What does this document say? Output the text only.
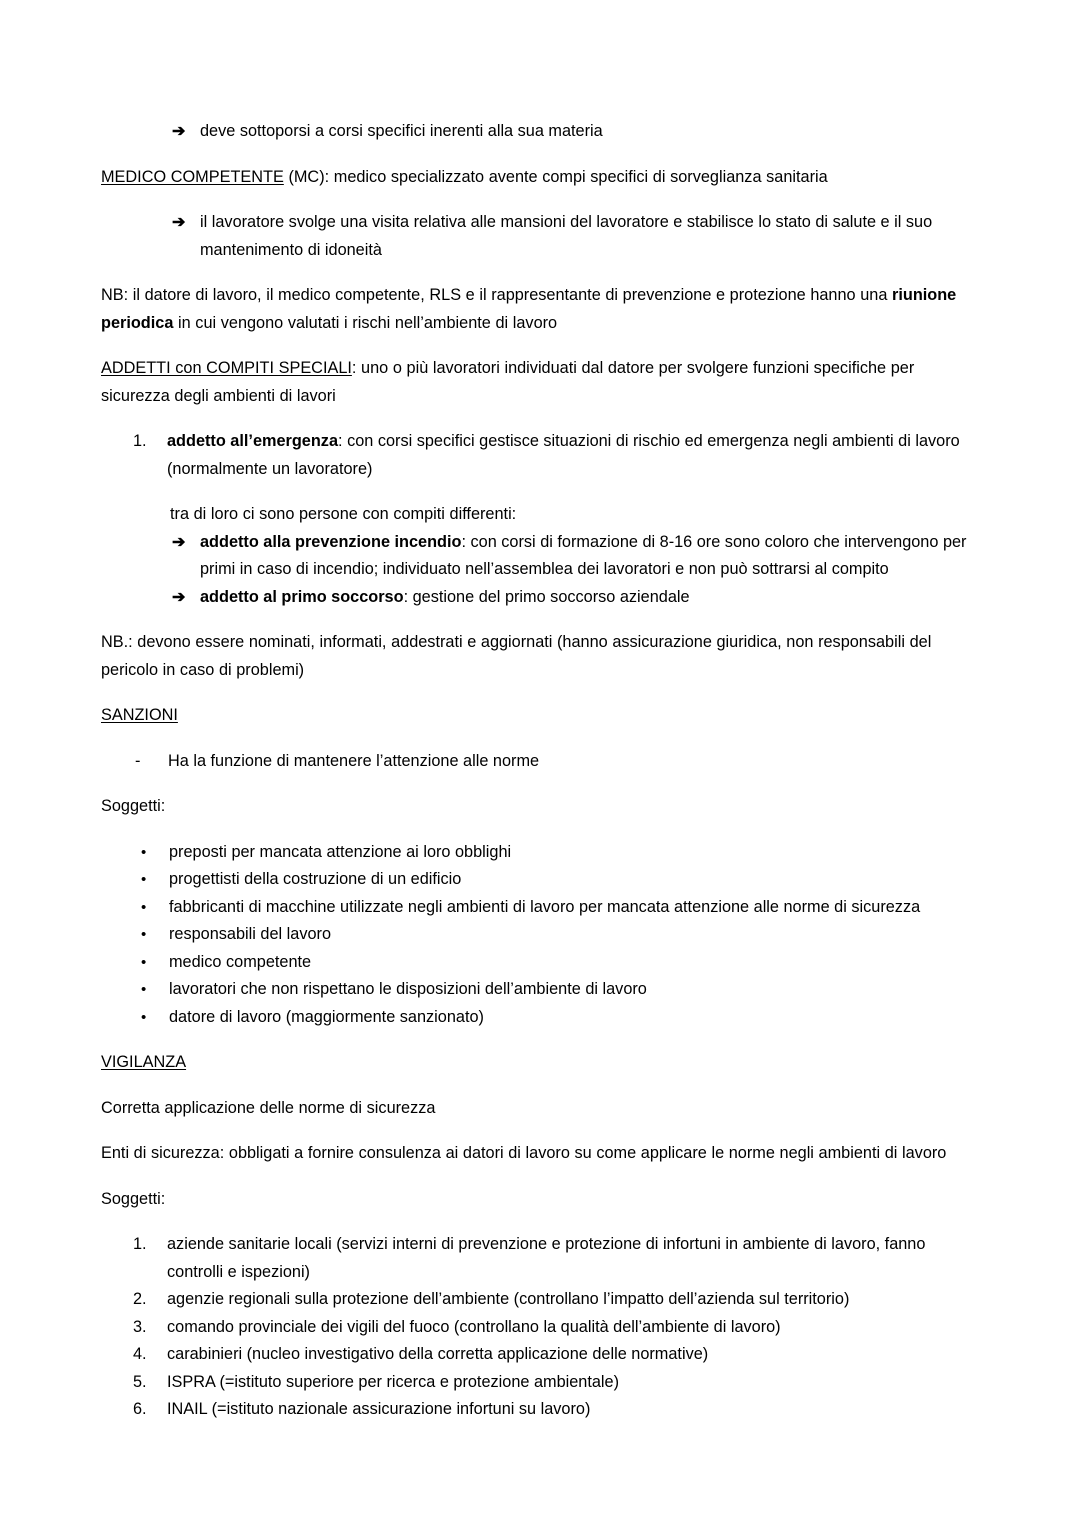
➔ deve sottoporsi a corsi specifici inerenti alla sua materia

MEDICO COMPETENTE (MC): medico specializzato avente compi specifici di sorveglianza sanitaria

➔ il lavoratore svolge una visita relativa alle mansioni del lavoratore e stabilisce lo stato di salute e il suo mantenimento di idoneità

NB: il datore di lavoro, il medico competente, RLS e il rappresentante di prevenzione e protezione hanno una riunione periodica in cui vengono valutati i rischi nell’ambiente di lavoro

ADDETTI con COMPITI SPECIALI: uno o più lavoratori individuati dal datore per svolgere funzioni specifiche per sicurezza degli ambienti di lavori

1.	addetto all’emergenza: con corsi specifici gestisce situazioni di rischio ed emergenza negli ambienti di lavoro (normalmente un lavoratore)

tra di loro ci sono persone con compiti differenti:

➔ addetto alla prevenzione incendio: con corsi di formazione di 8-16 ore sono coloro che intervengono per primi in caso di incendio; individuato nell’assemblea dei lavoratori e non può sottrarsi al compito
➔ addetto al primo soccorso: gestione del primo soccorso aziendale

NB.: devono essere nominati, informati, addestrati e aggiornati (hanno assicurazione giuridica, non responsabili del pericolo in caso di problemi)

SANZIONI

-	Ha la funzione di mantenere l’attenzione alle norme

Soggetti:

•	preposti per mancata attenzione ai loro obblighi
•	progettisti della costruzione di un edificio
•	fabbricanti di macchine utilizzate negli ambienti di lavoro per mancata attenzione alle norme di sicurezza
•	responsabili del lavoro
•	medico competente
•	lavoratori che non rispettano le disposizioni dell’ambiente di lavoro
•	datore di lavoro (maggiormente sanzionato)

VIGILANZA

Corretta applicazione delle norme di sicurezza

Enti di sicurezza: obbligati a fornire consulenza ai datori di lavoro su come applicare le norme negli ambienti di lavoro

Soggetti:

1.	aziende sanitarie locali (servizi interni di prevenzione e protezione di infortuni in ambiente di lavoro, fanno controlli e ispezioni)
2.	agenzie regionali sulla protezione dell’ambiente (controllano l’impatto dell’azienda sul territorio)
3.	comando provinciale dei vigili del fuoco (controllano la qualità dell’ambiente di lavoro)
4.	carabinieri (nucleo investigativo della corretta applicazione delle normative)
5.	ISPRA (=istituto superiore per ricerca e protezione ambientale)
6.	INAIL (=istituto nazionale assicurazione infortuni su lavoro)
